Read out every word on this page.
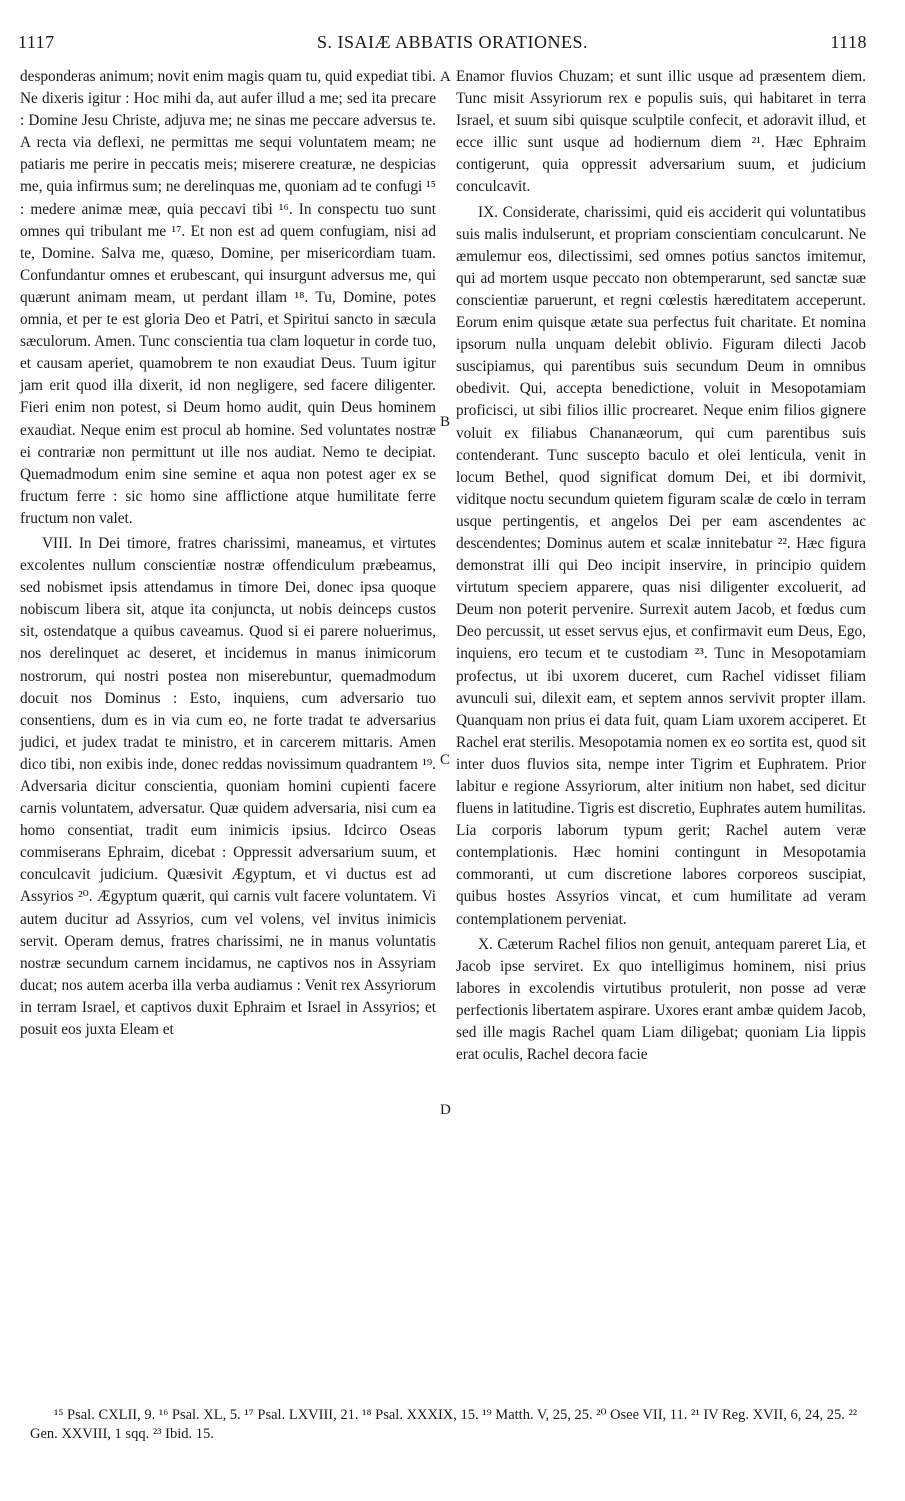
1117	S. ISAIÆ ABBATIS ORATIONES.	1118

desponderas animum; novit enim magis quam tu, quid expediat tibi. Ne dixeris igitur : Hoc mihi da, aut aufer illud a me; sed ita precare : Domine Jesu Christe, adjuva me; ne sinas me peccare adversus te. A recta via deflexi, ne permittas me sequi voluntatem meam; ne patiaris me perire in peccatis meis; miserere creaturæ, ne despicias me, quia infirmus sum; ne derelinquas me, quoniam ad te confugi ¹⁵ : medere animæ meæ, quia peccavi tibi ¹⁶. In conspectu tuo sunt omnes qui tribulant me ¹⁷. Et non est ad quem confugiam, nisi ad te, Domine. Salva me, quæso, Domine, per misericordiam tuam. Confundantur omnes et erubescant, qui insurgunt adversus me, qui quærunt animam meam, ut perdant illam ¹⁸. Tu, Domine, potes omnia, et per te est gloria Deo et Patri, et Spiritui sancto in sæcula sæculorum. Amen. Tunc conscientia tua clam loquetur in corde tuo, et causam aperiet, quamobrem te non exaudiat Deus. Tuum igitur jam erit quod illa dixerit, id non negligere, sed facere diligenter. Fieri enim non potest, si Deum homo audit, quin Deus hominem exaudiat. Neque enim est procul ab homine. Sed voluntates nostræ ei contrariæ non permittunt ut ille nos audiat. Nemo te decipiat. Quemadmodum enim sine semine et aqua non potest ager ex se fructum ferre : sic homo sine afflictione atque humilitate ferre fructum non valet.

VIII. In Dei timore, fratres charissimi, maneamus, et virtutes excolentes nullum conscientiæ nostræ offendiculum præbeamus, sed nobismet ipsis attendamus in timore Dei, donec ipsa quoque nobiscum libera sit, atque ita conjuncta, ut nobis deinceps custos sit, ostendatque a quibus caveamus. Quod si ei parere noluerimus, nos derelinquet ac deseret, et incidemus in manus inimicorum nostrorum, qui nostri postea non miserebuntur, quemadmodum docuit nos Dominus : Esto, inquiens, cum adversario tuo consentiens, dum es in via cum eo, ne forte tradat te adversarius judici, et judex tradat te ministro, et in carcerem mittaris. Amen dico tibi, non exibis inde, donec reddas novissimum quadrantem ¹⁹. Adversaria dicitur conscientia, quoniam homini cupienti facere carnis voluntatem, adversatur. Quæ quidem adversaria, nisi cum ea homo consentiat, tradit eum inimicis ipsius. Idcirco Oseas commiserans Ephraim, dicebat : Oppressit adversarium suum, et conculcavit judicium. Quæsivit Ægyptum, et vi ductus est ad Assyrios ²⁰. Ægyptum quærit, qui carnis vult facere voluntatem. Vi autem ducitur ad Assyrios, cum vel volens, vel invitus inimicis servit. Operam demus, fratres charissimi, ne in manus voluntatis nostræ secundum carnem incidamus, ne captivos nos in Assyriam ducat; nos autem acerba illa verba audiamus : Venit rex Assyriorum in terram Israel, et captivos duxit Ephraim et Israel in Assyrios; et posuit eos juxta Eleam et

Enamor fluvios Chuzam; et sunt illic usque ad præsentem diem. Tunc misit Assyriorum rex e populis suis, qui habitaret in terra Israel, et suum sibi quisque sculptile confecit, et adoravit illud, et ecce illic sunt usque ad hodiernum diem ²¹. Hæc Ephraim contigerunt, quia oppressit adversarium suum, et judicium conculcavit.

IX. Considerate, charissimi, quid eis acciderit qui voluntatibus suis malis indulserunt, et propriam conscientiam conculcarunt. Ne æmulemur eos, dilectissimi, sed omnes potius sanctos imitemur, qui ad mortem usque peccato non obtemperarunt, sed sanctæ suæ conscientiæ paruerunt, et regni cœlestis hæreditatem acceperunt. Eorum enim quisque ætate sua perfectus fuit charitate. Et nomina ipsorum nulla unquam delebit oblivio. Figuram dilecti Jacob suscipiamus, qui parentibus suis secundum Deum in omnibus obedivit. Qui, accepta benedictione, voluit in Mesopotamiam proficisci, ut sibi filios illic procrearet. Neque enim filios gignere voluit ex filiabus Chananæorum, qui cum parentibus suis contenderant. Tunc suscepto baculo et olei lenticula, venit in locum Bethel, quod significat domum Dei, et ibi dormivit, viditque noctu secundum quietem figuram scalæ de cœlo in terram usque pertingentis, et angelos Dei per eam ascendentes ac descendentes; Dominus autem et scalæ innitebatur ²². Hæc figura demonstrat illi qui Deo incipit inservire, in principio quidem virtutum speciem apparere, quas nisi diligenter excoluerit, ad Deum non poterit pervenire. Surrexit autem Jacob, et fœdus cum Deo percussit, ut esset servus ejus, et confirmavit eum Deus, Ego, inquiens, ero tecum et te custodiam ²³. Tunc in Mesopotamiam profectus, ut ibi uxorem duceret, cum Rachel vidisset filiam avunculi sui, dilexit eam, et septem annos servivit propter illam. Quanquam non prius ei data fuit, quam Liam uxorem acciperet. Et Rachel erat sterilis. Mesopotamia nomen ex eo sortita est, quod sit inter duos fluvios sita, nempe inter Tigrim et Euphratem. Prior labitur e regione Assyriorum, alter initium non habet, sed dicitur fluens in latitudine. Tigris est discretio, Euphrates autem humilitas. Lia corporis laborum typum gerit; Rachel autem veræ contemplationis. Hæc homini contingunt in Mesopotamia commoranti, ut cum discretione labores corporeos suscipiat, quibus hostes Assyrios vincat, et cum humilitate ad veram contemplationem perveniat.

X. Cæterum Rachel filios non genuit, antequam pareret Lia, et Jacob ipse serviret. Ex quo intelligimus hominem, nisi prius labores in excolendis virtutibus protulerit, non posse ad veræ perfectionis libertatem aspirare. Uxores erant ambæ quidem Jacob, sed ille magis Rachel quam Liam diligebat; quoniam Lia lippis erat oculis, Rachel decora facie

A
B
C
D
¹⁵ Psal. CXLII, 9. ¹⁶ Psal. XL, 5. ¹⁷ Psal. LXVIII, 21. ¹⁸ Psal. XXXIX, 15. ¹⁹ Matth. V, 25, 25. ²⁰ Osee VII, 11. ²¹ IV Reg. XVII, 6, 24, 25. ²² Gen. XXVIII, 1 sqq. ²³ Ibid. 15.
